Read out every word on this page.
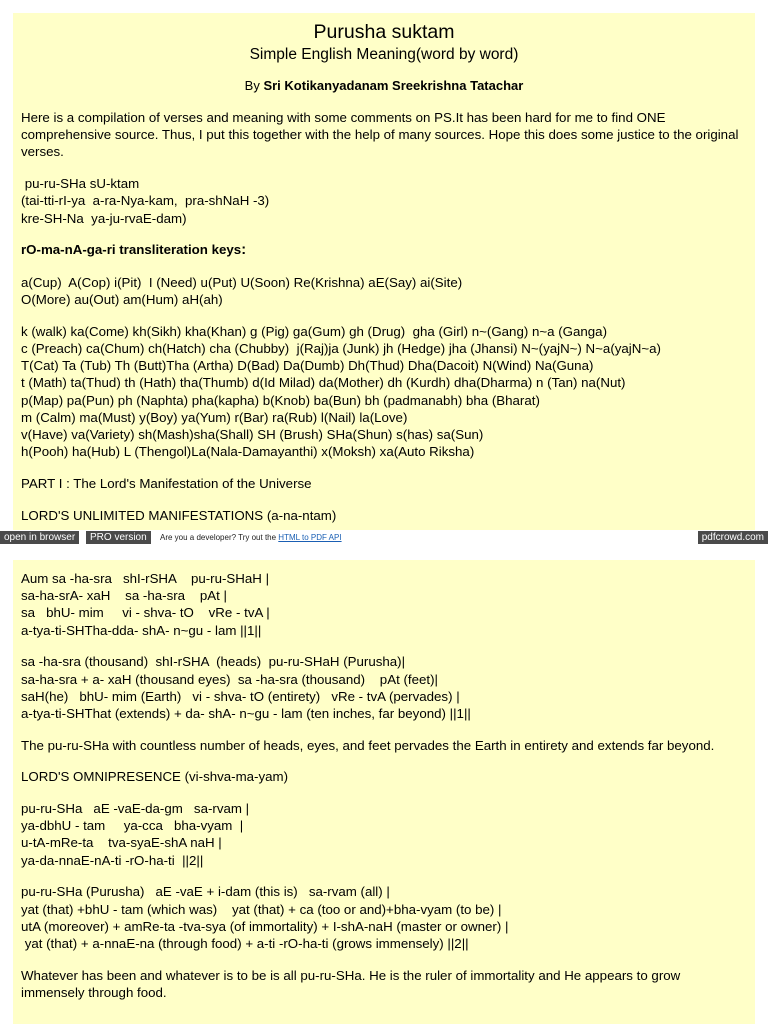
Purusha suktam
Simple English Meaning(word by word)
By Sri Kotikanyadanam Sreekrishna Tatachar

Here is a compilation of verses and meaning with some comments on PS.It has been hard for me to find ONE comprehensive source. Thus, I put this together with the help of many sources. Hope this does some justice to the original verses.

pu-ru-SHa sU-ktam
(tai-tti-rI-ya  a-ra-Nya-kam,  pra-shNaH -3)
kre-SH-Na  ya-ju-rvaE-dam)

rO-ma-nA-ga-ri transliteration keys:

a(Cup)  A(Cop) i(Pit)  I (Need) u(Put) U(Soon) Re(Krishna) aE(Say) ai(Site)
O(More) au(Out) am(Hum) aH(ah)

k (walk) ka(Come) kh(Sikh) kha(Khan) g (Pig) ga(Gum) gh (Drug)  gha (Girl) n~(Gang) n~a (Ganga)
c (Preach) ca(Chum) ch(Hatch) cha (Chubby)  j(Raj)ja (Junk) jh (Hedge) jha (Jhansi) N~(yajN~) N~a(yajN~a)
T(Cat) Ta (Tub) Th (Butt)Tha (Artha) D(Bad) Da(Dumb) Dh(Thud) Dha(Dacoit) N(Wind) Na(Guna)
t (Math) ta(Thud) th (Hath) tha(Thumb) d(Id Milad) da(Mother) dh (Kurdh) dha(Dharma) n (Tan) na(Nut)
p(Map) pa(Pun) ph (Naphta) pha(kapha) b(Knob) ba(Bun) bh (padmanabh) bha (Bharat)
m (Calm) ma(Must) y(Boy) ya(Yum) r(Bar) ra(Rub) l(Nail) la(Love)
v(Have) va(Variety) sh(Mash)sha(Shall) SH (Brush) SHa(Shun) s(has) sa(Sun)
h(Pooh) ha(Hub) L (Thengol)La(Nala-Damayanthi) x(Moksh) xa(Auto Riksha)

PART I : The Lord's Manifestation of the Universe

LORD'S UNLIMITED MANIFESTATIONS (a-na-ntam)

open in browser	PRO version	Are you a developer? Try out the HTML to PDF API	pdfcrowd.com

Aum sa -ha-sra   shI-rSHA    pu-ru-SHaH |
sa-ha-srA- xaH    sa -ha-sra    pAt |
sa   bhU- mim     vi - shva- tO    vRe - tvA |
a-tya-ti-SHTha-dda- shA- n~gu - lam ||1||

sa -ha-sra (thousand)  shI-rSHA  (heads)  pu-ru-SHaH (Purusha)|
sa-ha-sra + a- xaH (thousand eyes)  sa -ha-sra (thousand)    pAt (feet)|
saH(he)   bhU- mim (Earth)   vi - shva- tO (entirety)   vRe - tvA (pervades) |
a-tya-ti-SHThat (extends) + da- shA- n~gu - lam (ten inches, far beyond) ||1||

The pu-ru-SHa with countless number of heads, eyes, and feet pervades the Earth in entirety and extends far beyond.

LORD'S OMNIPRESENCE (vi-shva-ma-yam)

pu-ru-SHa   aE -vaE-da-gm   sa-rvam |
ya-dbhU - tam     ya-cca   bha-vyam  |
u-tA-mRe-ta    tva-syaE-shA naH |
ya-da-nnaE-nA-ti -rO-ha-ti  ||2||

pu-ru-SHa (Purusha)   aE -vaE + i-dam (this is)   sa-rvam (all) |
yat (that) +bhU - tam (which was)    yat (that) + ca (too or and)+bha-vyam (to be) |
utA (moreover) + amRe-ta -tva-sya (of immortality) + I-shA-naH (master or owner) |
yat (that) + a-nnaE-na (through food) + a-ti -rO-ha-ti (grows immensely) ||2||

Whatever has been and whatever is to be is all pu-ru-SHa. He is the ruler of immortality and He appears to grow immensely through food.
